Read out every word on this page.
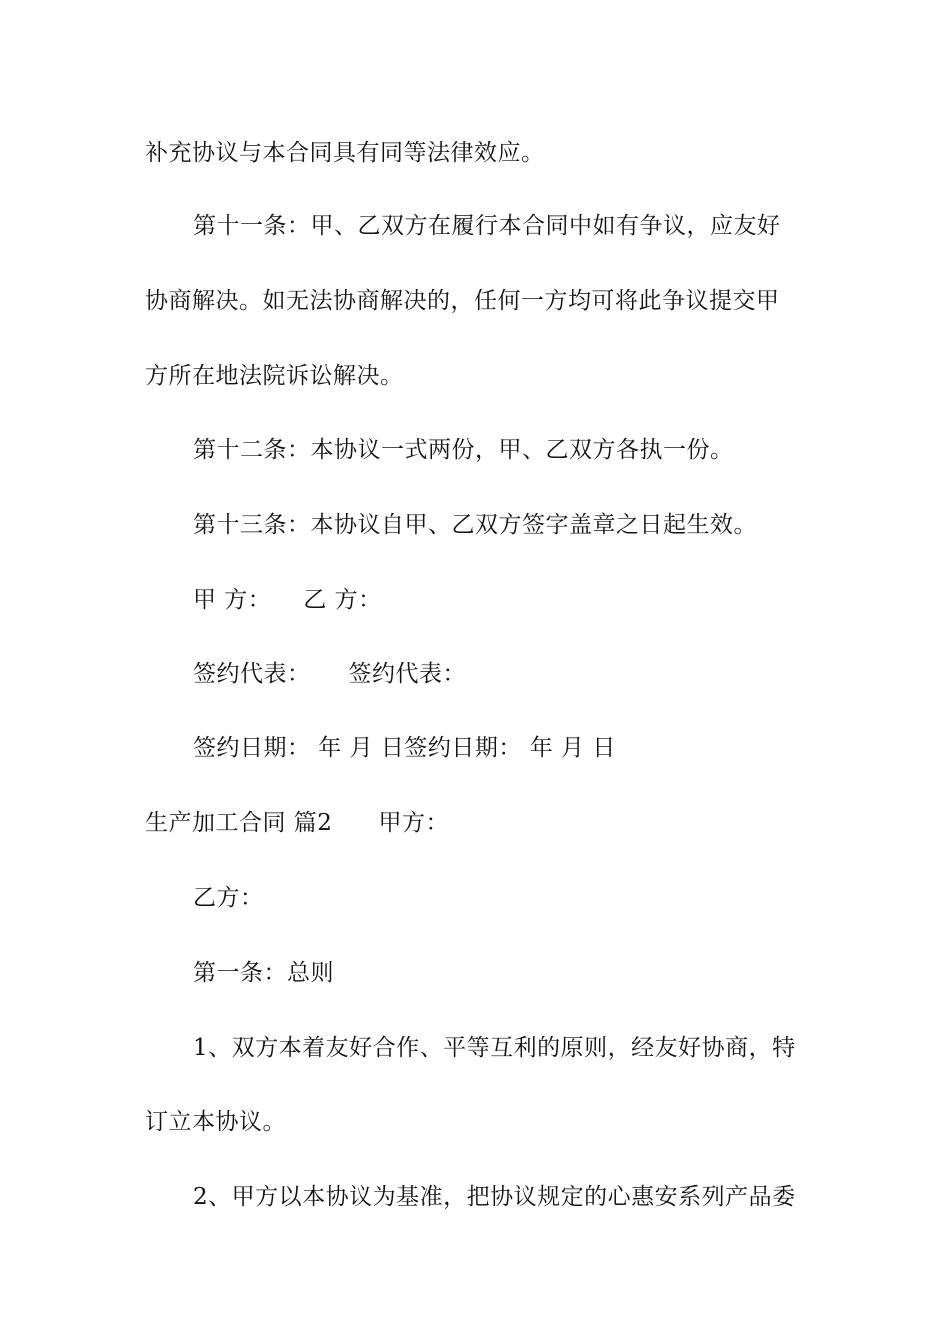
补充协议与本合同具有同等法律效应。
第十一条：甲、乙双方在履行本合同中如有争议，应友好
协商解决。如无法协商解决的，任何一方均可将此争议提交甲
方所在地法院诉讼解决。
第十二条：本协议一式两份，甲、乙双方各执一份。
第十三条：本协议自甲、乙双方签字盖章之日起生效。
甲 方： 乙 方：
签约代表： 签约代表：
签约日期： 年 月 日签约日期： 年 月 日
生产加工合同 篇2 甲方：
乙方：
第一条：总则
1、双方本着友好合作、平等互利的原则，经友好协商，特
订立本协议。
2、甲方以本协议为基准，把协议规定的心惠安系列产品委
